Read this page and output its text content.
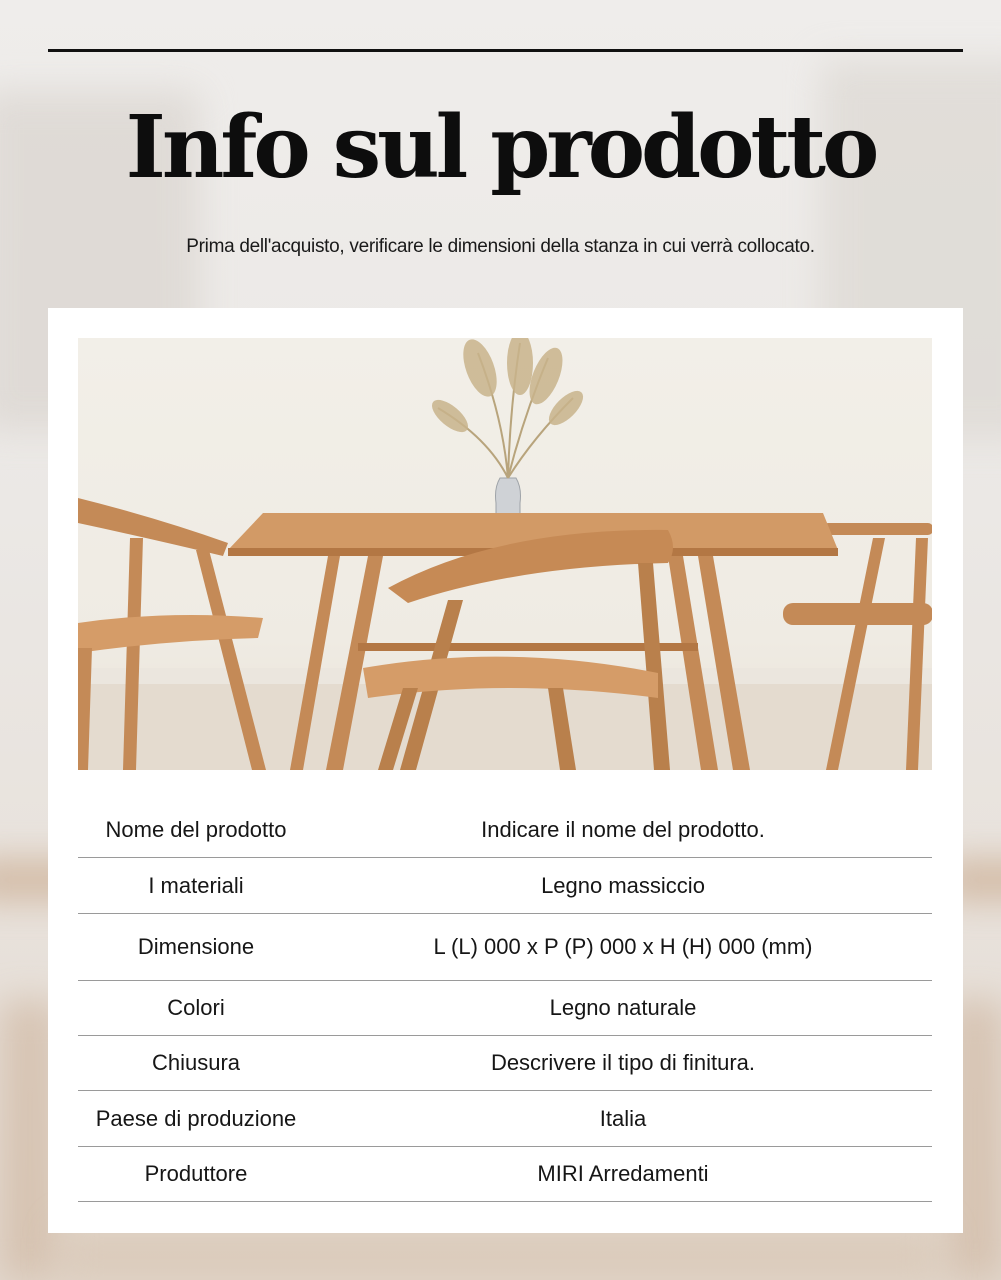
Info sul prodotto

Prima dell'acquisto, verificare le dimensioni della stanza in cui verrà collocato.

Nome del prodotto	Indicare il nome del prodotto.
I materiali	Legno massiccio
Dimensione	L (L) 000 x P (P) 000 x H (H) 000 (mm)
Colori	Legno naturale
Chiusura	Descrivere il tipo di finitura.
Paese di produzione	Italia
Produttore	MIRI Arredamenti
